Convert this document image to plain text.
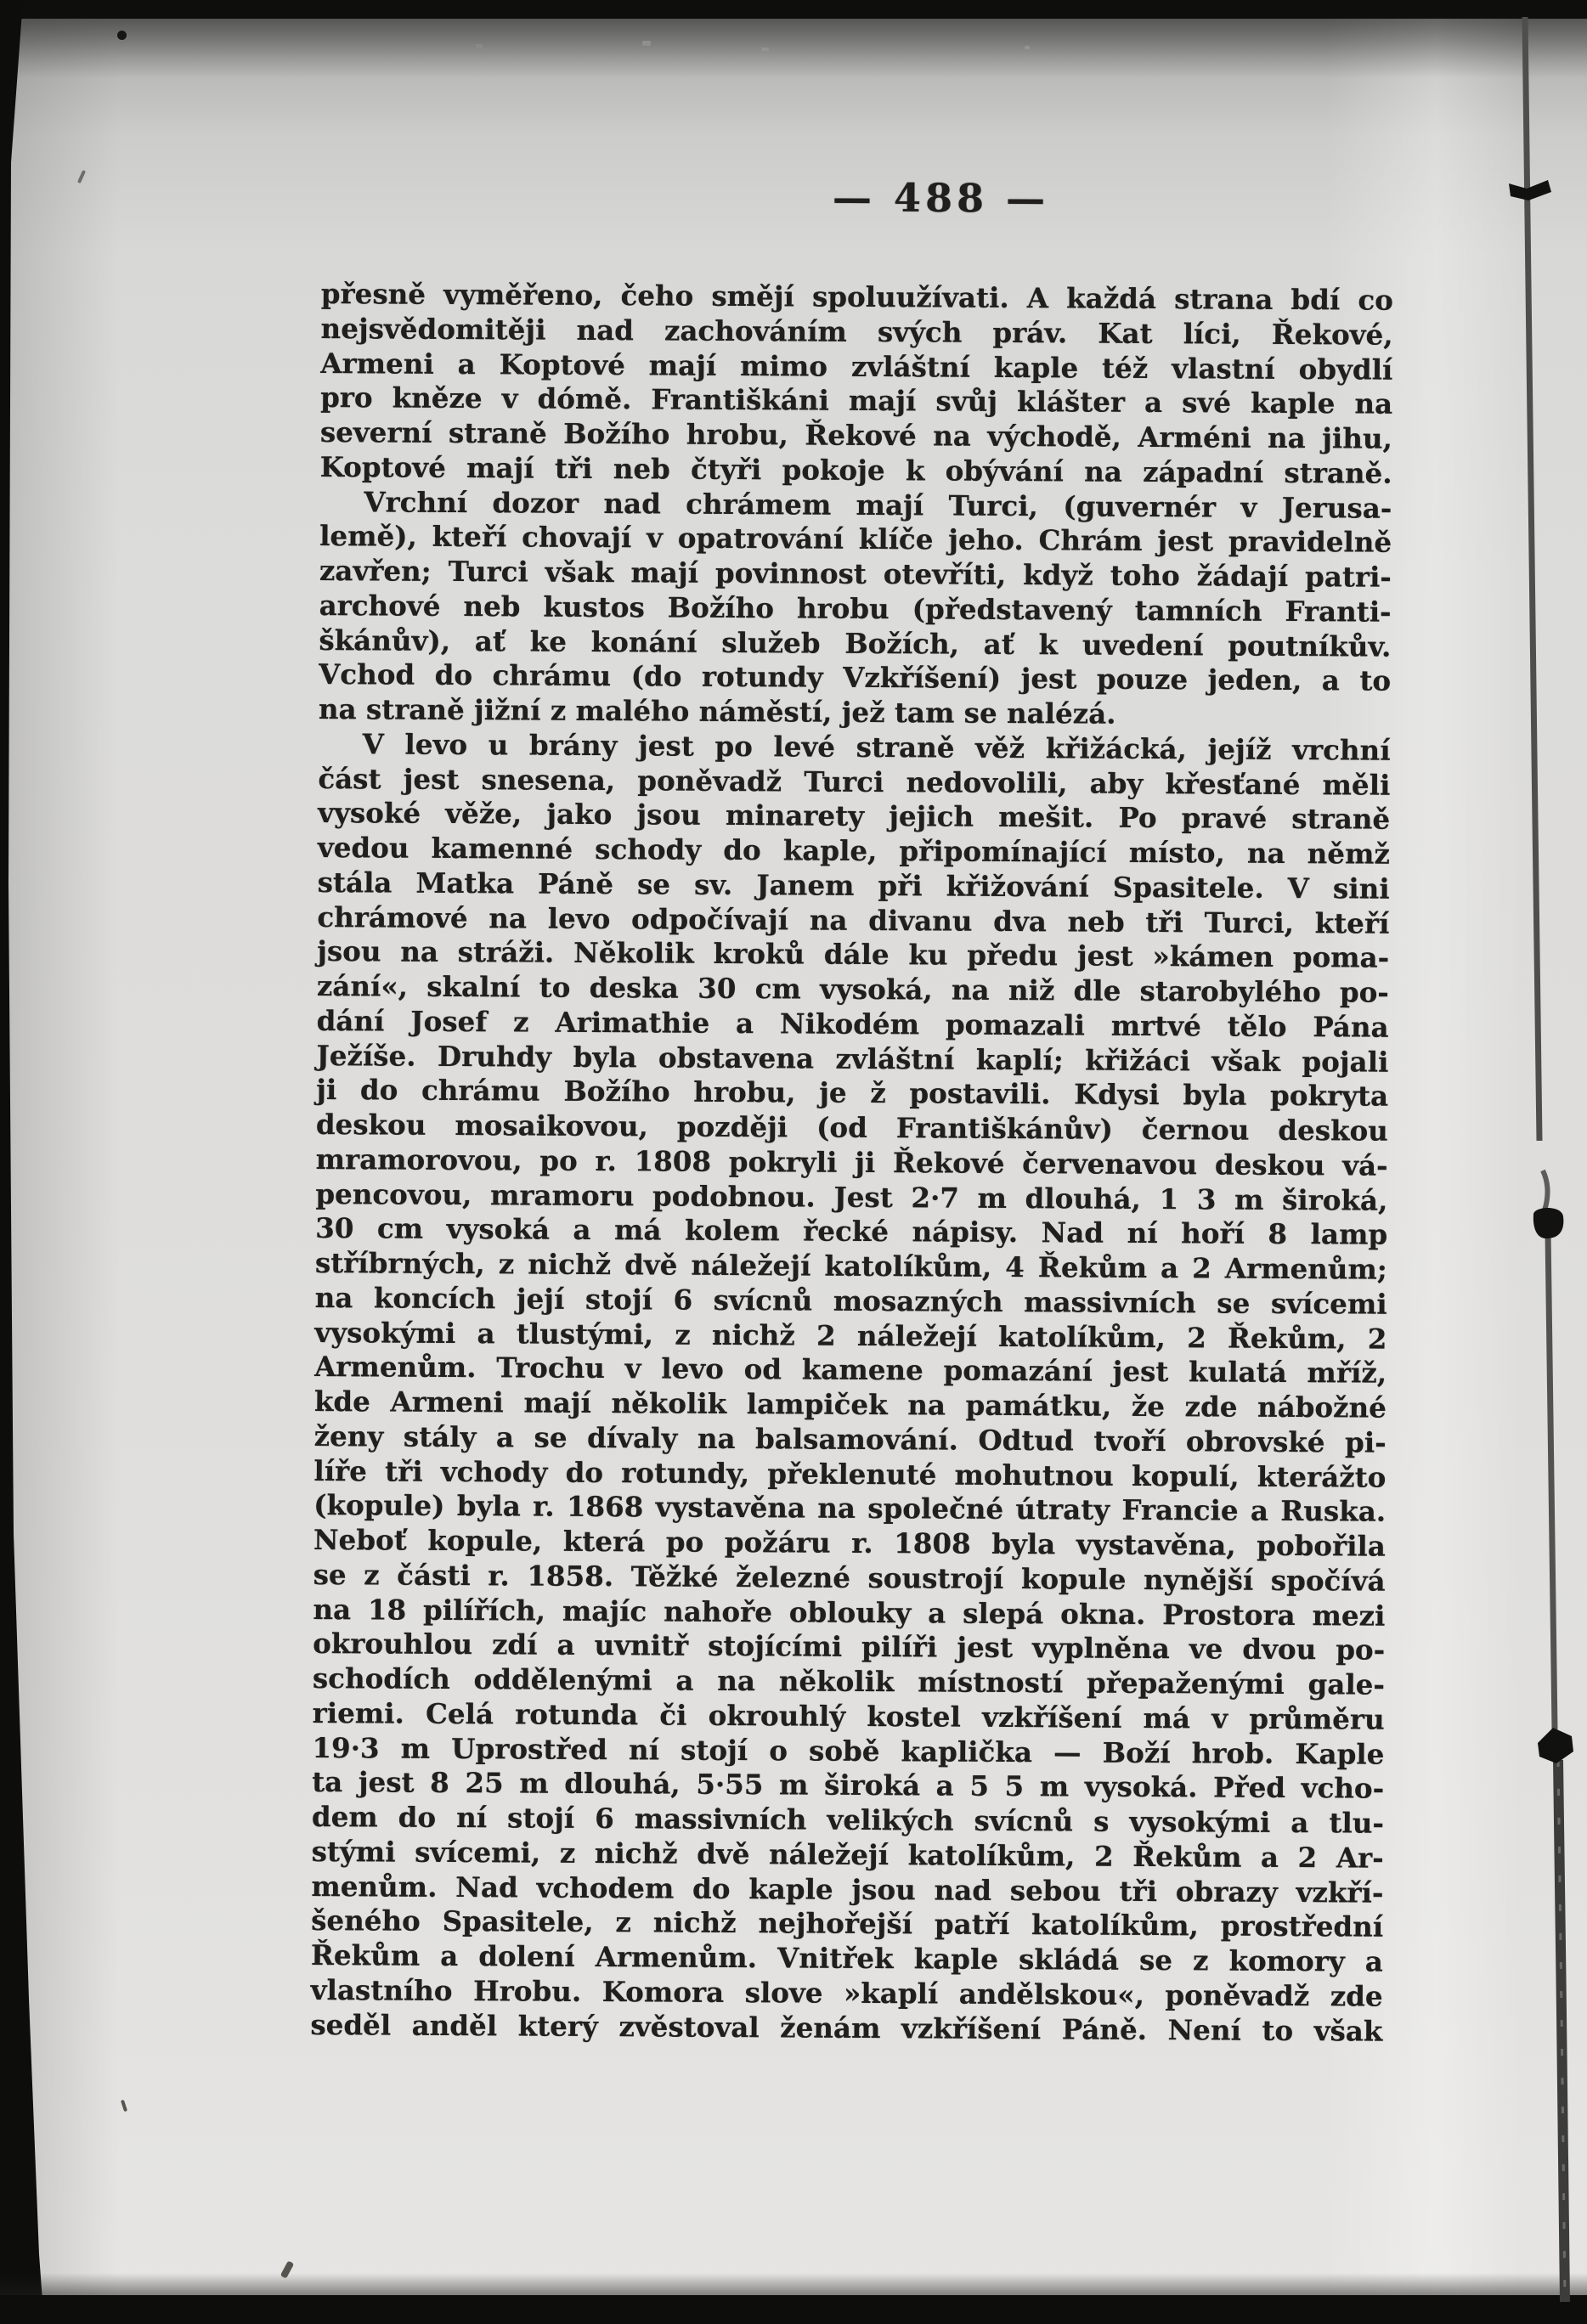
— 488 —
přesně vyměřeno, čeho smějí spoluužívati. A každá strana bdí co
nejsvědomitěji nad zachováním svých práv. Kat líci, Řekové,
Armeni a Koptové mají mimo zvláštní kaple též vlastní obydlí
pro kněze v dómě. Františkáni mají svůj klášter a své kaple na
severní straně Božího hrobu, Řekové na východě, Arméni na jihu,
Koptové mají tři neb čtyři pokoje k obývání na západní straně.
Vrchní dozor nad chrámem mají Turci, (guvernér v Jerusa-
lemě), kteří chovají v opatrování klíče jeho. Chrám jest pravidelně
zavřen; Turci však mají povinnost otevříti, když toho žádají patri-
archové neb kustos Božího hrobu (představený tamních Franti-
škánův), ať ke konání služeb Božích, ať k uvedení poutníkův.
Vchod do chrámu (do rotundy Vzkříšení) jest pouze jeden, a to
na straně jižní z malého náměstí, jež tam se nalézá.
V levo u brány jest po levé straně věž křižácká, jejíž vrchní
část jest snesena, poněvadž Turci nedovolili, aby křesťané měli
vysoké věže, jako jsou minarety jejich mešit. Po pravé straně
vedou kamenné schody do kaple, připomínající místo, na němž
stála Matka Páně se sv. Janem při křižování Spasitele. V sini
chrámové na levo odpočívají na divanu dva neb tři Turci, kteří
jsou na stráži. Několik kroků dále ku předu jest »kámen poma-
zání«, skalní to deska 30 cm vysoká, na niž dle starobylého po-
dání Josef z Arimathie a Nikodém pomazali mrtvé tělo Pána
Ježíše. Druhdy byla obstavena zvláštní kaplí; křižáci však pojali
ji do chrámu Božího hrobu, je ž postavili. Kdysi byla pokryta
deskou mosaikovou, později (od Františkánův) černou deskou
mramorovou, po r. 1808 pokryli ji Řekové červenavou deskou vá-
pencovou, mramoru podobnou. Jest 2·7 m dlouhá, 1 3 m široká,
30 cm vysoká a má kolem řecké nápisy. Nad ní hoří 8 lamp
stříbrných, z nichž dvě náležejí katolíkům, 4 Řekům a 2 Armenům;
na koncích její stojí 6 svícnů mosazných massivních se svícemi
vysokými a tlustými, z nichž 2 náležejí katolíkům, 2 Řekům, 2
Armenům. Trochu v levo od kamene pomazání jest kulatá mříž,
kde Armeni mají několik lampiček na památku, že zde nábožné
ženy stály a se dívaly na balsamování. Odtud tvoří obrovské pi-
líře tři vchody do rotundy, překlenuté mohutnou kopulí, kterážto
(kopule) byla r. 1868 vystavěna na společné útraty Francie a Ruska.
Neboť kopule, která po požáru r. 1808 byla vystavěna, pobořila
se z části r. 1858. Těžké železné soustrojí kopule nynější spočívá
na 18 pilířích, majíc nahoře oblouky a slepá okna. Prostora mezi
okrouhlou zdí a uvnitř stojícími pilíři jest vyplněna ve dvou po-
schodích oddělenými a na několik místností přepaženými gale-
riemi. Celá rotunda či okrouhlý kostel vzkříšení má v průměru
19·3 m Uprostřed ní stojí o sobě kaplička — Boží hrob. Kaple
ta jest 8 25 m dlouhá, 5·55 m široká a 5 5 m vysoká. Před vcho-
dem do ní stojí 6 massivních velikých svícnů s vysokými a tlu-
stými svícemi, z nichž dvě náležejí katolíkům, 2 Řekům a 2 Ar-
menům. Nad vchodem do kaple jsou nad sebou tři obrazy vzkří-
šeného Spasitele, z nichž nejhořejší patří katolíkům, prostřední
Řekům a dolení Armenům. Vnitřek kaple skládá se z komory a
vlastního Hrobu. Komora slove »kaplí andělskou«, poněvadž zde
seděl anděl který zvěstoval ženám vzkříšení Páně. Není to však
